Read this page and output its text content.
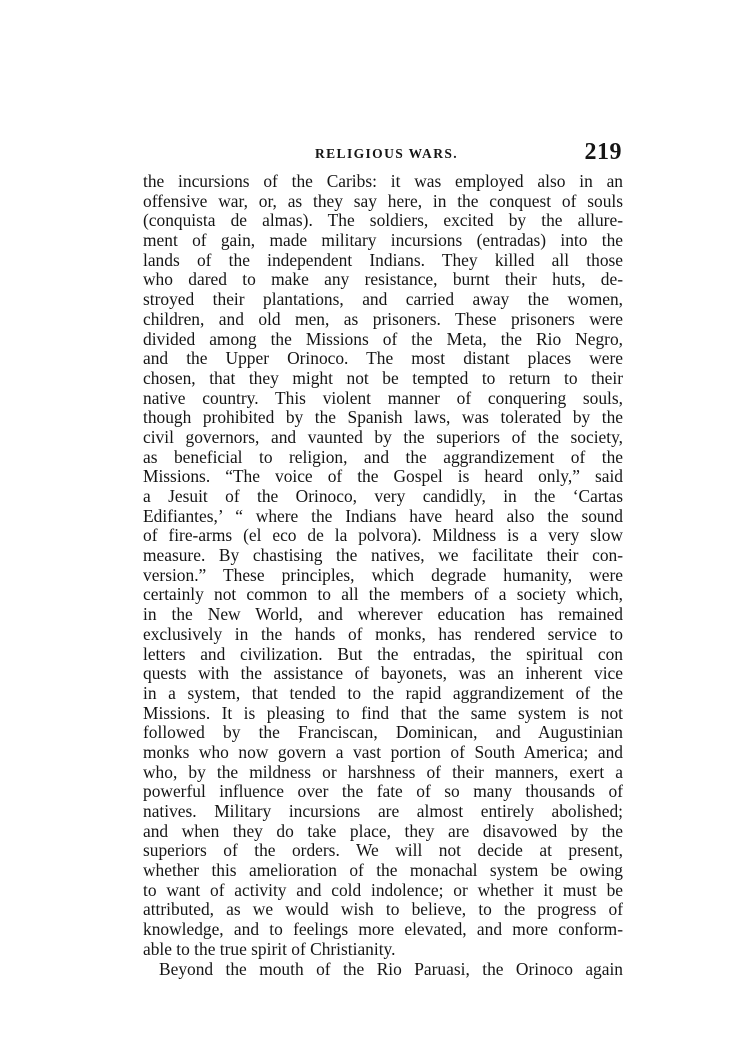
RELIGIOUS WARS.	219
the incursions of the Caribs: it was employed also in an
offensive war, or, as they say here, in the conquest of souls
(conquista de almas). The soldiers, excited by the allure-
ment of gain, made military incursions (entradas) into the
lands of the independent Indians. They killed all those
who dared to make any resistance, burnt their huts, de-
stroyed their plantations, and carried away the women,
children, and old men, as prisoners. These prisoners were
divided among the Missions of the Meta, the Rio Negro,
and the Upper Orinoco. The most distant places were
chosen, that they might not be tempted to return to their
native country. This violent manner of conquering souls,
though prohibited by the Spanish laws, was tolerated by the
civil governors, and vaunted by the superiors of the society,
as beneficial to religion, and the aggrandizement of the
Missions. “The voice of the Gospel is heard only,” said
a Jesuit of the Orinoco, very candidly, in the ‘Cartas
Edifiantes,’ “ where the Indians have heard also the sound
of fire-arms (el eco de la polvora). Mildness is a very slow
measure. By chastising the natives, we facilitate their con-
version.” These principles, which degrade humanity, were
certainly not common to all the members of a society which,
in the New World, and wherever education has remained
exclusively in the hands of monks, has rendered service to
letters and civilization. But the entradas, the spiritual con
quests with the assistance of bayonets, was an inherent vice
in a system, that tended to the rapid aggrandizement of the
Missions. It is pleasing to find that the same system is not
followed by the Franciscan, Dominican, and Augustinian
monks who now govern a vast portion of South America; and
who, by the mildness or harshness of their manners, exert a
powerful influence over the fate of so many thousands of
natives. Military incursions are almost entirely abolished;
and when they do take place, they are disavowed by the
superiors of the orders. We will not decide at present,
whether this amelioration of the monachal system be owing
to want of activity and cold indolence; or whether it must be
attributed, as we would wish to believe, to the progress of
knowledge, and to feelings more elevated, and more conform-
able to the true spirit of Christianity.
Beyond the mouth of the Rio Paruasi, the Orinoco again
